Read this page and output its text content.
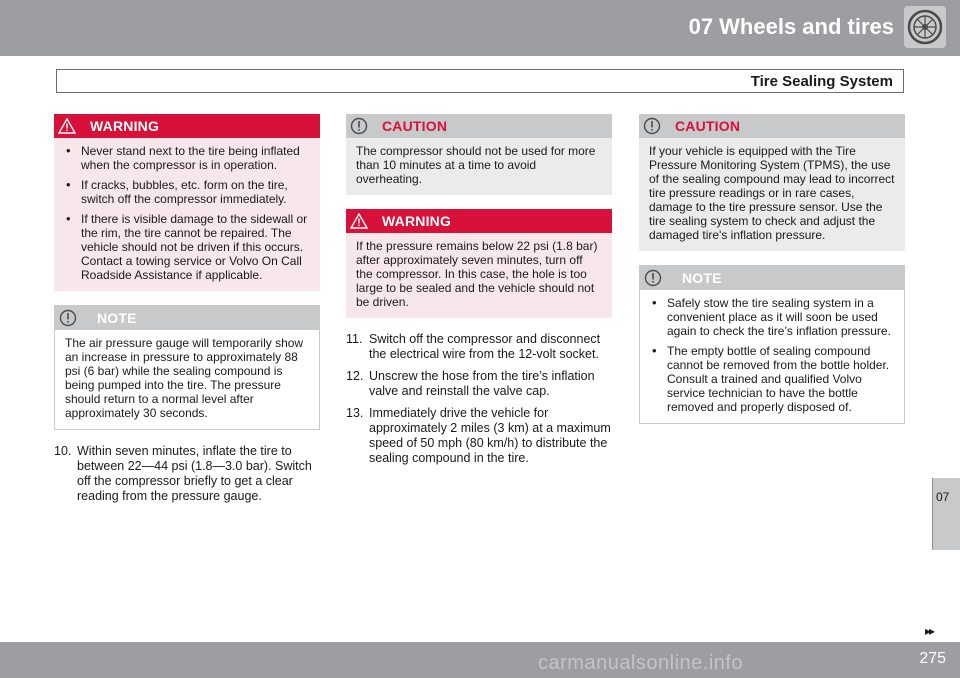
07 Wheels and tires
Tire Sealing System
WARNING
• Never stand next to the tire being inflated when the compressor is in operation.
• If cracks, bubbles, etc. form on the tire, switch off the compressor immediately.
• If there is visible damage to the sidewall or the rim, the tire cannot be repaired. The vehicle should not be driven if this occurs. Contact a towing service or Volvo On Call Roadside Assistance if applicable.
NOTE

The air pressure gauge will temporarily show an increase in pressure to approximately 88 psi (6 bar) while the sealing compound is being pumped into the tire. The pressure should return to a normal level after approximately 30 seconds.

10. Within seven minutes, inflate the tire to between 22—44 psi (1.8—3.0 bar). Switch off the compressor briefly to get a clear reading from the pressure gauge.
CAUTION

The compressor should not be used for more than 10 minutes at a time to avoid overheating.

WARNING

If the pressure remains below 22 psi (1.8 bar) after approximately seven minutes, turn off the compressor. In this case, the hole is too large to be sealed and the vehicle should not be driven.

11. Switch off the compressor and disconnect the electrical wire from the 12-volt socket.
12. Unscrew the hose from the tire’s inflation valve and reinstall the valve cap.
13. Immediately drive the vehicle for approximately 2 miles (3 km) at a maximum speed of 50 mph (80 km/h) to distribute the sealing compound in the tire.
CAUTION

If your vehicle is equipped with the Tire Pressure Monitoring System (TPMS), the use of the sealing compound may lead to incorrect tire pressure readings or in rare cases, damage to the tire pressure sensor. Use the tire sealing system to check and adjust the damaged tire's inflation pressure.

NOTE
• Safely stow the tire sealing system in a convenient place as it will soon be used again to check the tire’s inflation pressure.
• The empty bottle of sealing compound cannot be removed from the bottle holder. Consult a trained and qualified Volvo service technician to have the bottle removed and properly disposed of.
07
▸▸
275
carmanualsonline.info
